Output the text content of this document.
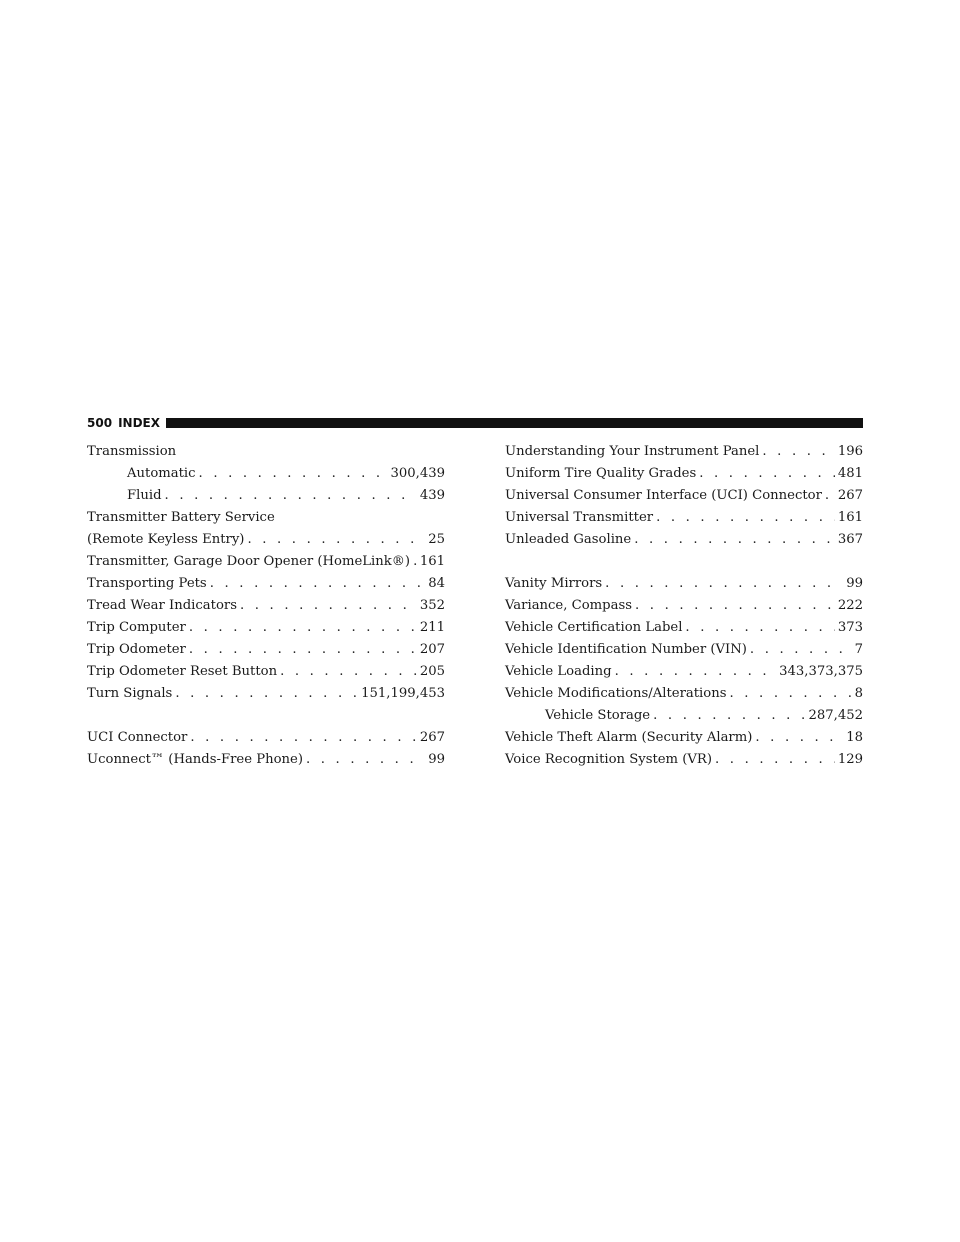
500 INDEX
Transmission
Automatic . . .	300,439
Fluid . . .	439
Transmitter Battery Service
(Remote Keyless Entry) . . .	25
Transmitter, Garage Door Opener (HomeLink®) . . . 161
Transporting Pets . . .	84
Tread Wear Indicators . . .	352
Trip Computer . . .	211
Trip Odometer . . .	207
Trip Odometer Reset Button . . .	205
Turn Signals . . .	151,199,453
UCI Connector . . .	267
Uconnect™ (Hands-Free Phone) . . .	99
Understanding Your Instrument Panel . . .	196
Uniform Tire Quality Grades . . .	481
Universal Consumer Interface (UCI) Connector . . . 267
Universal Transmitter . . .	161
Unleaded Gasoline . . .	367
Vanity Mirrors . . .	99
Variance, Compass . . .	222
Vehicle Certification Label . . .	373
Vehicle Identification Number (VIN) . . .	7
Vehicle Loading . . .	343,373,375
Vehicle Modifications/Alterations . . .	8
Vehicle Storage . . .	287,452
Vehicle Theft Alarm (Security Alarm) . . .	18
Voice Recognition System (VR) . . .	129
